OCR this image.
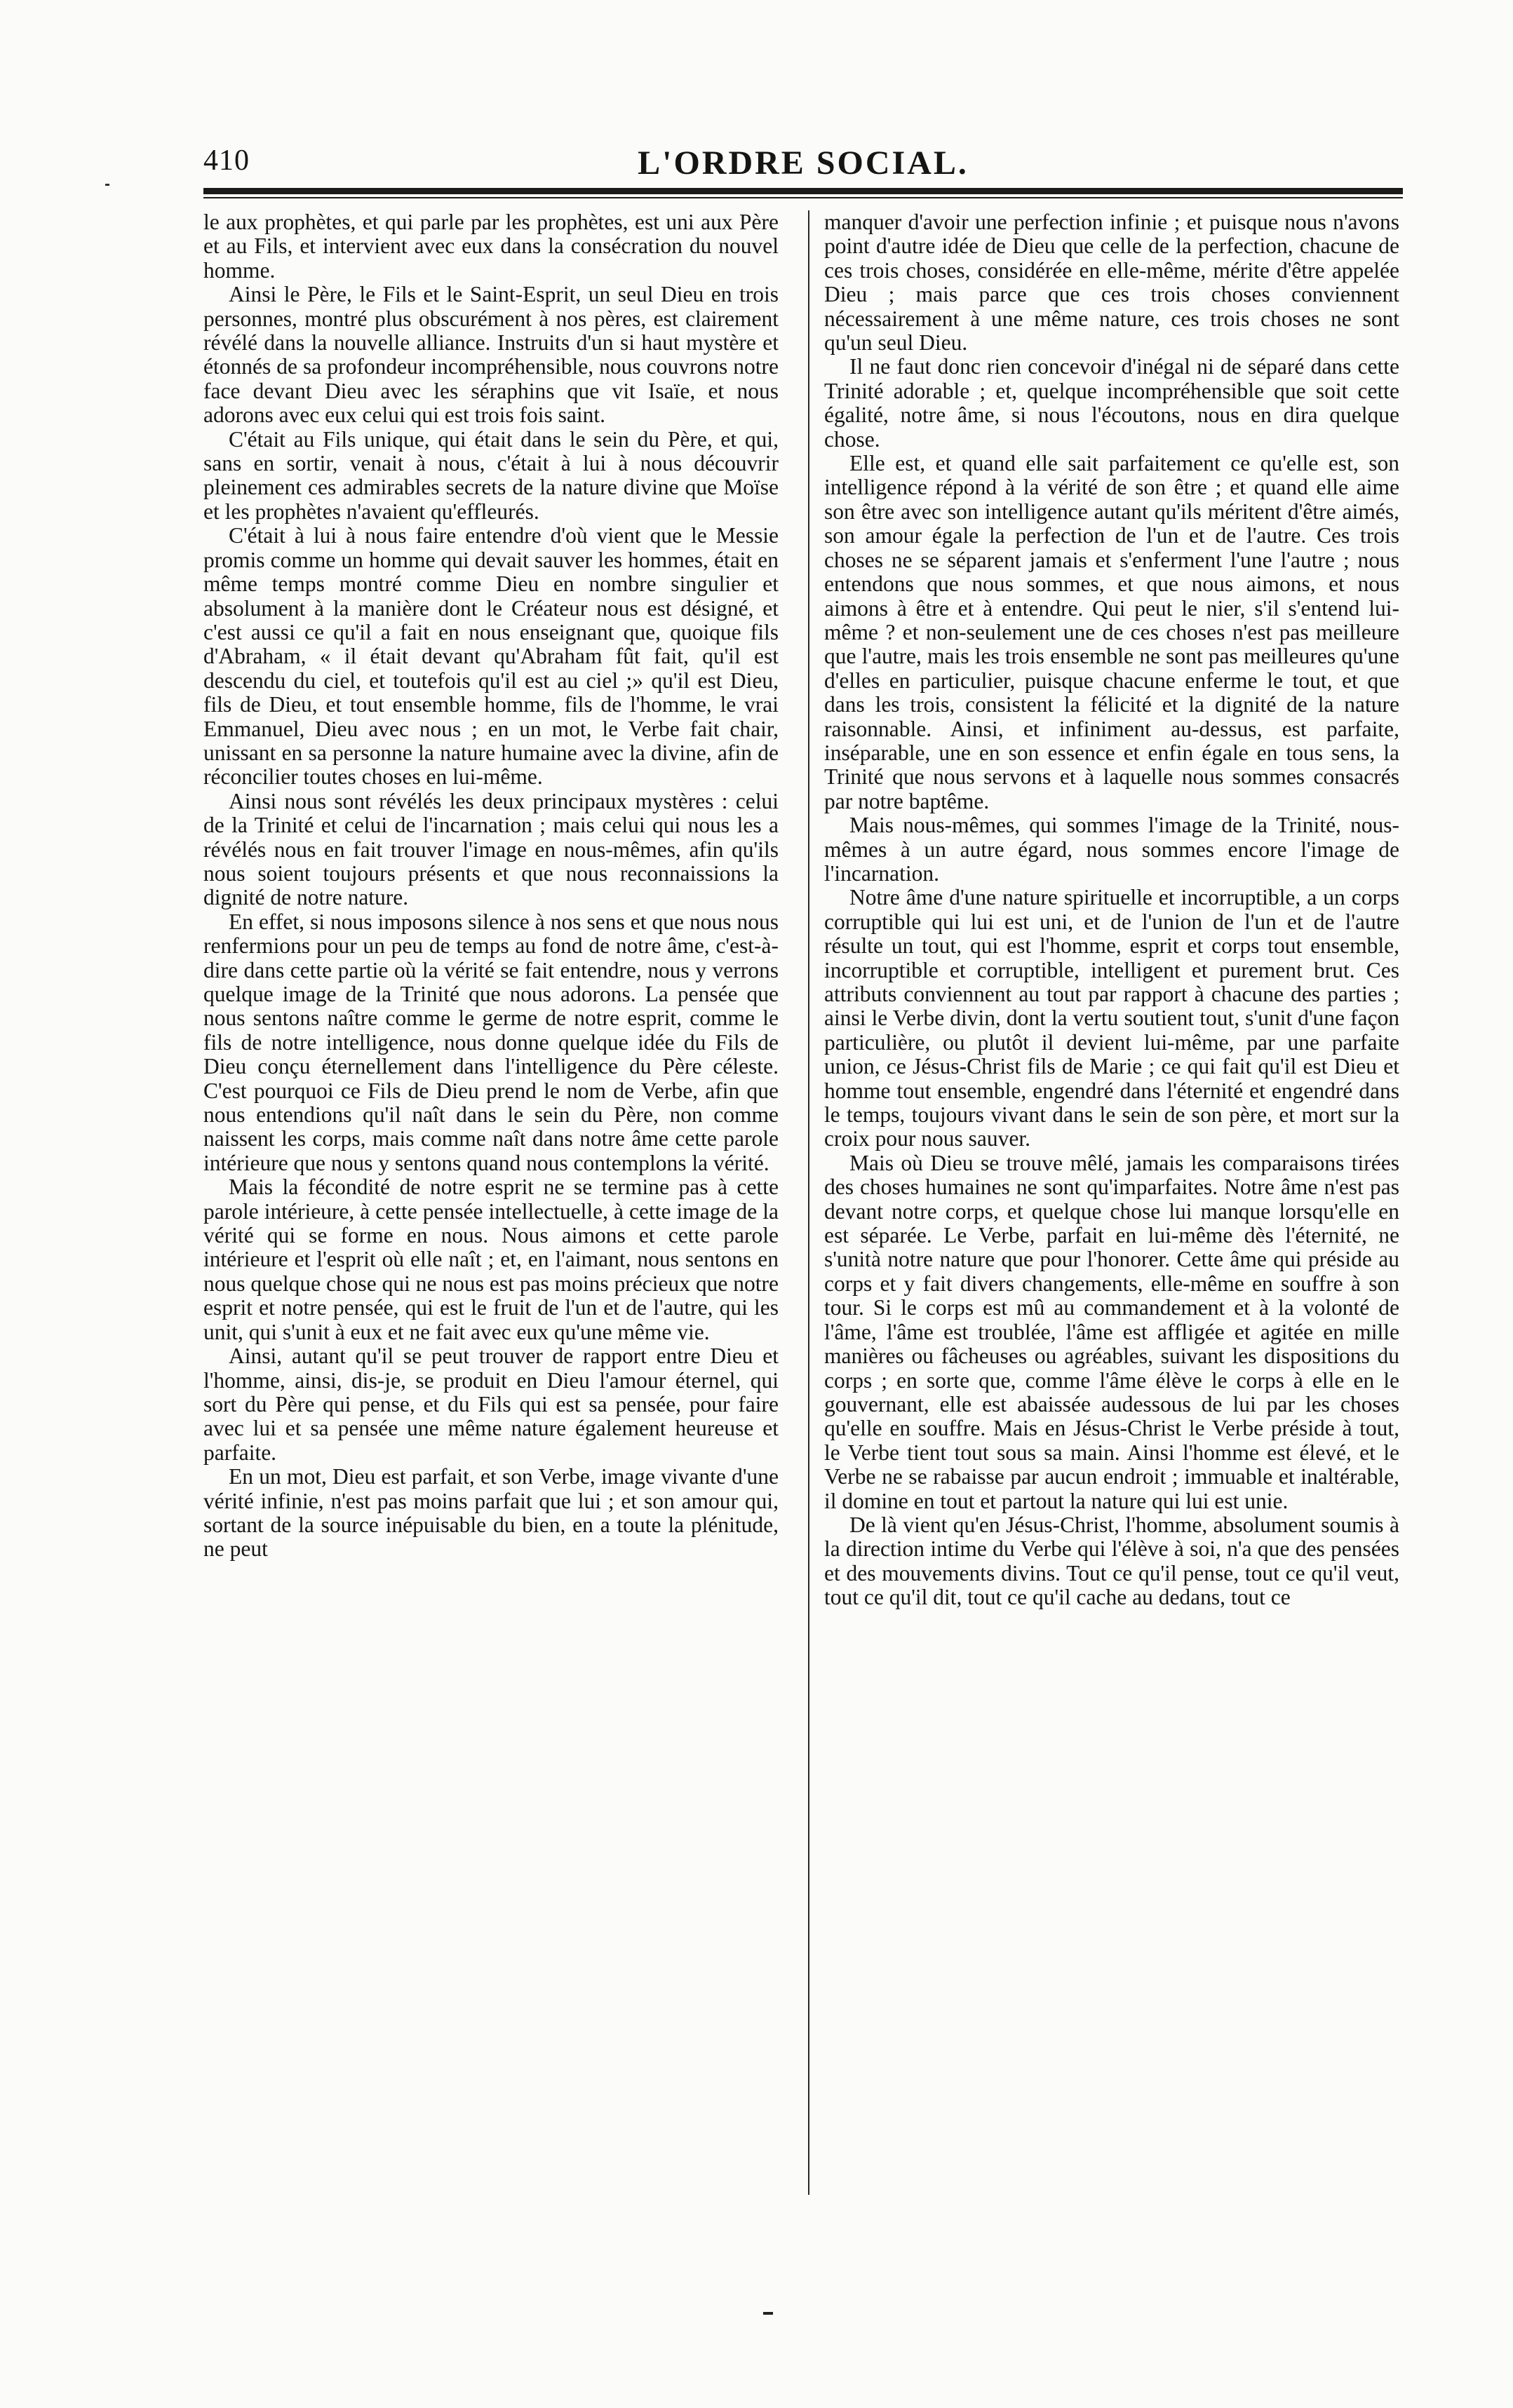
410	L'ORDRE SOCIAL.

le aux prophètes, et qui parle par les prophètes, est uni aux Père et au Fils, et intervient avec eux dans la consécration du nouvel homme.

Ainsi le Père, le Fils et le Saint-Esprit, un seul Dieu en trois personnes, montré plus obscurément à nos pères, est clairement révélé dans la nouvelle alliance. Instruits d'un si haut mystère et étonnés de sa profondeur incompréhensible, nous couvrons notre face devant Dieu avec les séraphins que vit Isaïe, et nous adorons avec eux celui qui est trois fois saint.

C'était au Fils unique, qui était dans le sein du Père, et qui, sans en sortir, venait à nous, c'était à lui à nous découvrir pleinement ces admirables secrets de la nature divine que Moïse et les prophètes n'avaient qu'effleurés.

C'était à lui à nous faire entendre d'où vient que le Messie promis comme un homme qui devait sauver les hommes, était en même temps montré comme Dieu en nombre singulier et absolument à la manière dont le Créateur nous est désigné, et c'est aussi ce qu'il a fait en nous enseignant que, quoique fils d'Abraham, « il était devant qu'Abraham fût fait, qu'il est descendu du ciel, et toutefois qu'il est au ciel ;» qu'il est Dieu, fils de Dieu, et tout ensemble homme, fils de l'homme, le vrai Emmanuel, Dieu avec nous ; en un mot, le Verbe fait chair, unissant en sa personne la nature humaine avec la divine, afin de réconcilier toutes choses en lui-même.

Ainsi nous sont révélés les deux principaux mystères : celui de la Trinité et celui de l'incarnation ; mais celui qui nous les a révélés nous en fait trouver l'image en nous-mêmes, afin qu'ils nous soient toujours présents et que nous reconnaissions la dignité de notre nature.

En effet, si nous imposons silence à nos sens et que nous nous renfermions pour un peu de temps au fond de notre âme, c'est-à-dire dans cette partie où la vérité se fait entendre, nous y verrons quelque image de la Trinité que nous adorons. La pensée que nous sentons naître comme le germe de notre esprit, comme le fils de notre intelligence, nous donne quelque idée du Fils de Dieu conçu éternellement dans l'intelligence du Père céleste. C'est pourquoi ce Fils de Dieu prend le nom de Verbe, afin que nous entendions qu'il naît dans le sein du Père, non comme naissent les corps, mais comme naît dans notre âme cette parole intérieure que nous y sentons quand nous contemplons la vérité.

Mais la fécondité de notre esprit ne se termine pas à cette parole intérieure, à cette pensée intellectuelle, à cette image de la vérité qui se forme en nous. Nous aimons et cette parole intérieure et l'esprit où elle naît ; et, en l'aimant, nous sentons en nous quelque chose qui ne nous est pas moins précieux que notre esprit et notre pensée, qui est le fruit de l'un et de l'autre, qui les unit, qui s'unit à eux et ne fait avec eux qu'une même vie.

Ainsi, autant qu'il se peut trouver de rapport entre Dieu et l'homme, ainsi, dis-je, se produit en Dieu l'amour éternel, qui sort du Père qui pense, et du Fils qui est sa pensée, pour faire avec lui et sa pensée une même nature également heureuse et parfaite.

En un mot, Dieu est parfait, et son Verbe, image vivante d'une vérité infinie, n'est pas moins parfait que lui ; et son amour qui, sortant de la source inépuisable du bien, en a toute la plénitude, ne peut

manquer d'avoir une perfection infinie ; et puisque nous n'avons point d'autre idée de Dieu que celle de la perfection, chacune de ces trois choses, considérée en elle-même, mérite d'être appelée Dieu ; mais parce que ces trois choses conviennent nécessairement à une même nature, ces trois choses ne sont qu'un seul Dieu.

Il ne faut donc rien concevoir d'inégal ni de séparé dans cette Trinité adorable ; et, quelque incompréhensible que soit cette égalité, notre âme, si nous l'écoutons, nous en dira quelque chose.

Elle est, et quand elle sait parfaitement ce qu'elle est, son intelligence répond à la vérité de son être ; et quand elle aime son être avec son intelligence autant qu'ils méritent d'être aimés, son amour égale la perfection de l'un et de l'autre. Ces trois choses ne se séparent jamais et s'enferment l'une l'autre ; nous entendons que nous sommes, et que nous aimons, et nous aimons à être et à entendre. Qui peut le nier, s'il s'entend lui-même ? et non-seulement une de ces choses n'est pas meilleure que l'autre, mais les trois ensemble ne sont pas meilleures qu'une d'elles en particulier, puisque chacune enferme le tout, et que dans les trois, consistent la félicité et la dignité de la nature raisonnable. Ainsi, et infiniment au-dessus, est parfaite, inséparable, une en son essence et enfin égale en tous sens, la Trinité que nous servons et à laquelle nous sommes consacrés par notre baptême.

Mais nous-mêmes, qui sommes l'image de la Trinité, nous-mêmes à un autre égard, nous sommes encore l'image de l'incarnation.

Notre âme d'une nature spirituelle et incorruptible, a un corps corruptible qui lui est uni, et de l'union de l'un et de l'autre résulte un tout, qui est l'homme, esprit et corps tout ensemble, incorruptible et corruptible, intelligent et purement brut. Ces attributs conviennent au tout par rapport à chacune des parties ; ainsi le Verbe divin, dont la vertu soutient tout, s'unit d'une façon particulière, ou plutôt il devient lui-même, par une parfaite union, ce Jésus-Christ fils de Marie ; ce qui fait qu'il est Dieu et homme tout ensemble, engendré dans l'éternité et engendré dans le temps, toujours vivant dans le sein de son père, et mort sur la croix pour nous sauver.

Mais où Dieu se trouve mêlé, jamais les comparaisons tirées des choses humaines ne sont qu'imparfaites. Notre âme n'est pas devant notre corps, et quelque chose lui manque lorsqu'elle en est séparée. Le Verbe, parfait en lui-même dès l'éternité, ne s'unità notre nature que pour l'honorer. Cette âme qui préside au corps et y fait divers changements, elle-même en souffre à son tour. Si le corps est mû au commandement et à la volonté de l'âme, l'âme est troublée, l'âme est affligée et agitée en mille manières ou fâcheuses ou agréables, suivant les dispositions du corps ; en sorte que, comme l'âme élève le corps à elle en le gouvernant, elle est abaissée audessous de lui par les choses qu'elle en souffre. Mais en Jésus-Christ le Verbe préside à tout, le Verbe tient tout sous sa main. Ainsi l'homme est élevé, et le Verbe ne se rabaisse par aucun endroit ; immuable et inaltérable, il domine en tout et partout la nature qui lui est unie.

De là vient qu'en Jésus-Christ, l'homme, absolument soumis à la direction intime du Verbe qui l'élève à soi, n'a que des pensées et des mouvements divins. Tout ce qu'il pense, tout ce qu'il veut, tout ce qu'il dit, tout ce qu'il cache au dedans, tout ce
